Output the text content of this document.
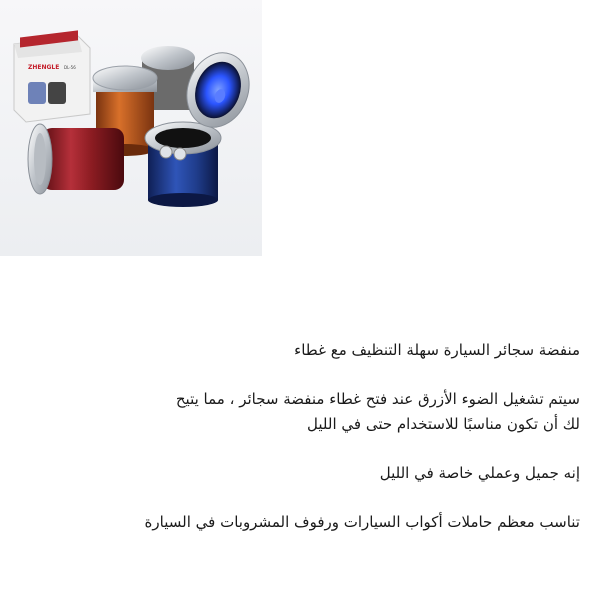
ZHENGLE DL-56

منفضة سجائر السيارة سهلة التنظيف مع غطاء

سيتم تشغيل الضوء الأزرق عند فتح غطاء منفضة سجائر ، مما يتيح

لك أن تكون مناسبًا للاستخدام حتى في الليل

إنه جميل وعملي خاصة في الليل

تناسب معظم حاملات أكواب السيارات ورفوف المشروبات في السيارة
